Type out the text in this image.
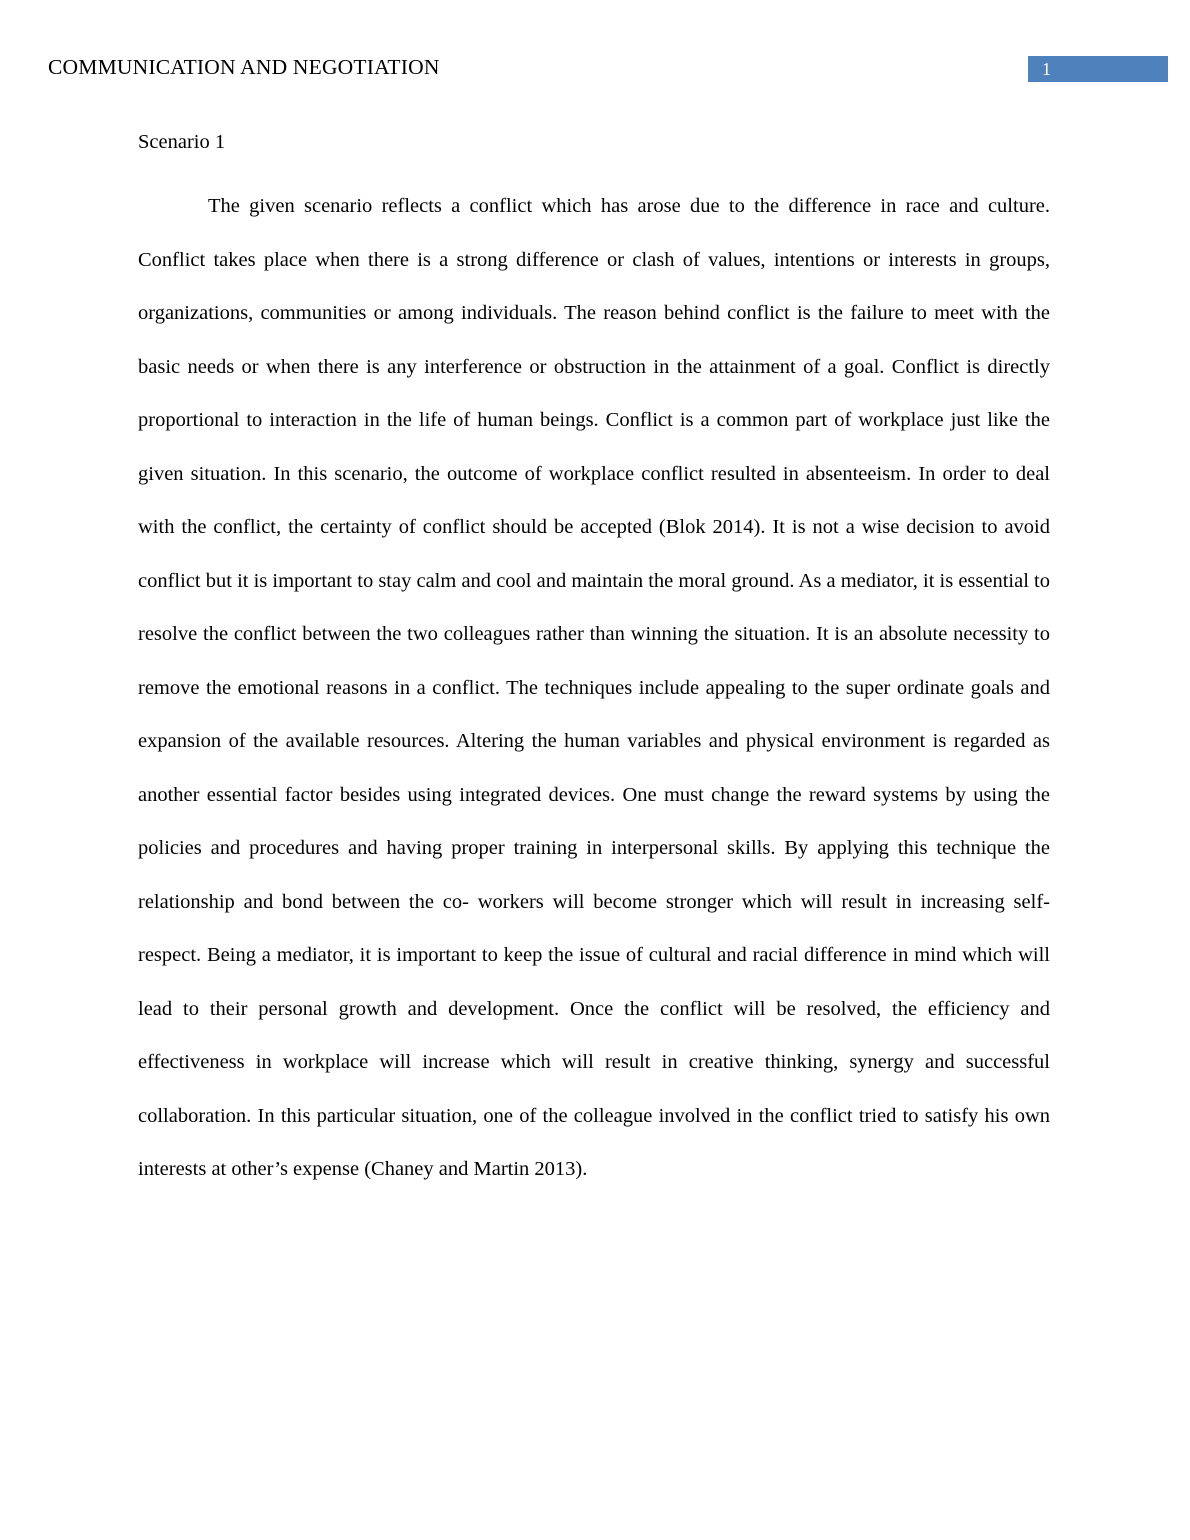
COMMUNICATION AND NEGOTIATION	1

Scenario 1

The given scenario reflects a conflict which has arose due to the difference in race and culture. Conflict takes place when there is a strong difference or clash of values, intentions or interests in groups, organizations, communities or among individuals. The reason behind conflict is the failure to meet with the basic needs or when there is any interference or obstruction in the attainment of a goal. Conflict is directly proportional to interaction in the life of human beings. Conflict is a common part of workplace just like the given situation. In this scenario, the outcome of workplace conflict resulted in absenteeism. In order to deal with the conflict, the certainty of conflict should be accepted (Blok 2014). It is not a wise decision to avoid conflict but it is important to stay calm and cool and maintain the moral ground. As a mediator, it is essential to resolve the conflict between the two colleagues rather than winning the situation. It is an absolute necessity to remove the emotional reasons in a conflict. The techniques include appealing to the super ordinate goals and expansion of the available resources. Altering the human variables and physical environment is regarded as another essential factor besides using integrated devices. One must change the reward systems by using the policies and procedures and having proper training in interpersonal skills. By applying this technique the relationship and bond between the co- workers will become stronger which will result in increasing self- respect. Being a mediator, it is important to keep the issue of cultural and racial difference in mind which will lead to their personal growth and development. Once the conflict will be resolved, the efficiency and effectiveness in workplace will increase which will result in creative thinking, synergy and successful collaboration. In this particular situation, one of the colleague involved in the conflict tried to satisfy his own interests at other’s expense (Chaney and Martin 2013).
